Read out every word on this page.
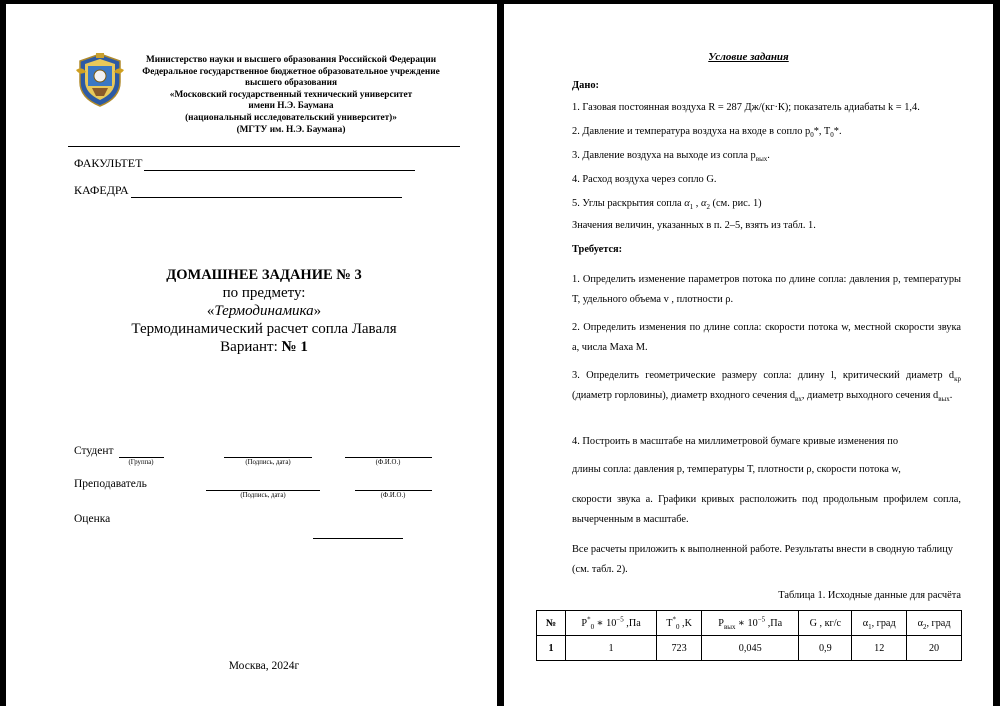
Министерство науки и высшего образования Российской Федерации
Федеральное государственное бюджетное образовательное учреждение
высшего образования
«Московский государственный технический университет
имени Н.Э. Баумана
(национальный исследовательский университет)»
(МГТУ им. Н.Э. Баумана)
ФАКУЛЬТЕТ
КАФЕДРА
ДОМАШНЕЕ ЗАДАНИЕ № 3
по предмету:
«Термодинамика»
Термодинамический расчет сопла Лаваля
Вариант: № 1
Студент
(Группа)	(Подпись, дата)	(Ф.И.О.)
Преподаватель
(Подпись, дата)	(Ф.И.О.)
Оценка
Москва, 2024г
Условие задания
Дано:
1. Газовая постоянная воздуха R = 287 Дж/(кг·К); показатель адиабаты k = 1,4.
2. Давление и температура воздуха на входе в сопло $p_0*$, $T_0*$.
3. Давление воздуха на выходе из сопла $p_{вых}$.
4. Расход воздуха через сопло G.
5. Углы раскрытия сопла $\alpha_1$ , $\alpha_2$ (см. рис. 1)
Значения величин, указанных в п. 2–5, взять из табл. 1.
Требуется:
1. Определить изменение параметров потока по длине сопла: давления p, температуры T, удельного объема v , плотности ρ.
2. Определить изменения по длине сопла: скорости потока w, местной скорости звука a, числа Маха M.
3. Определить геометрические размеру сопла: длину l, критический диаметр $d_{кр}$ (диаметр горловины), диаметр входного сечения $d_{вх}$, диаметр выходного сечения $d_{вых}$.
4. Построить в масштабе на миллиметровой бумаге кривые изменения по
длины сопла: давления p, температуры T, плотности ρ, скорости потока w,
скорости звука a. Графики кривых расположить под продольным профилем сопла, вычерченным в масштабе.
Все расчеты приложить к выполненной работе. Результаты внести в сводную таблицу (см. табл. 2).
Таблица 1. Исходные данные для расчёта
№	$P^*_0$ ∗ $10^{-5}$ ,Па	$T^*_0$ ,K	$P_{вых}$ ∗ $10^{-5}$ ,Па	G , кг/с	$\alpha_1$, град	$\alpha_2$, град
1	1	723	0,045	0,9	12	20
